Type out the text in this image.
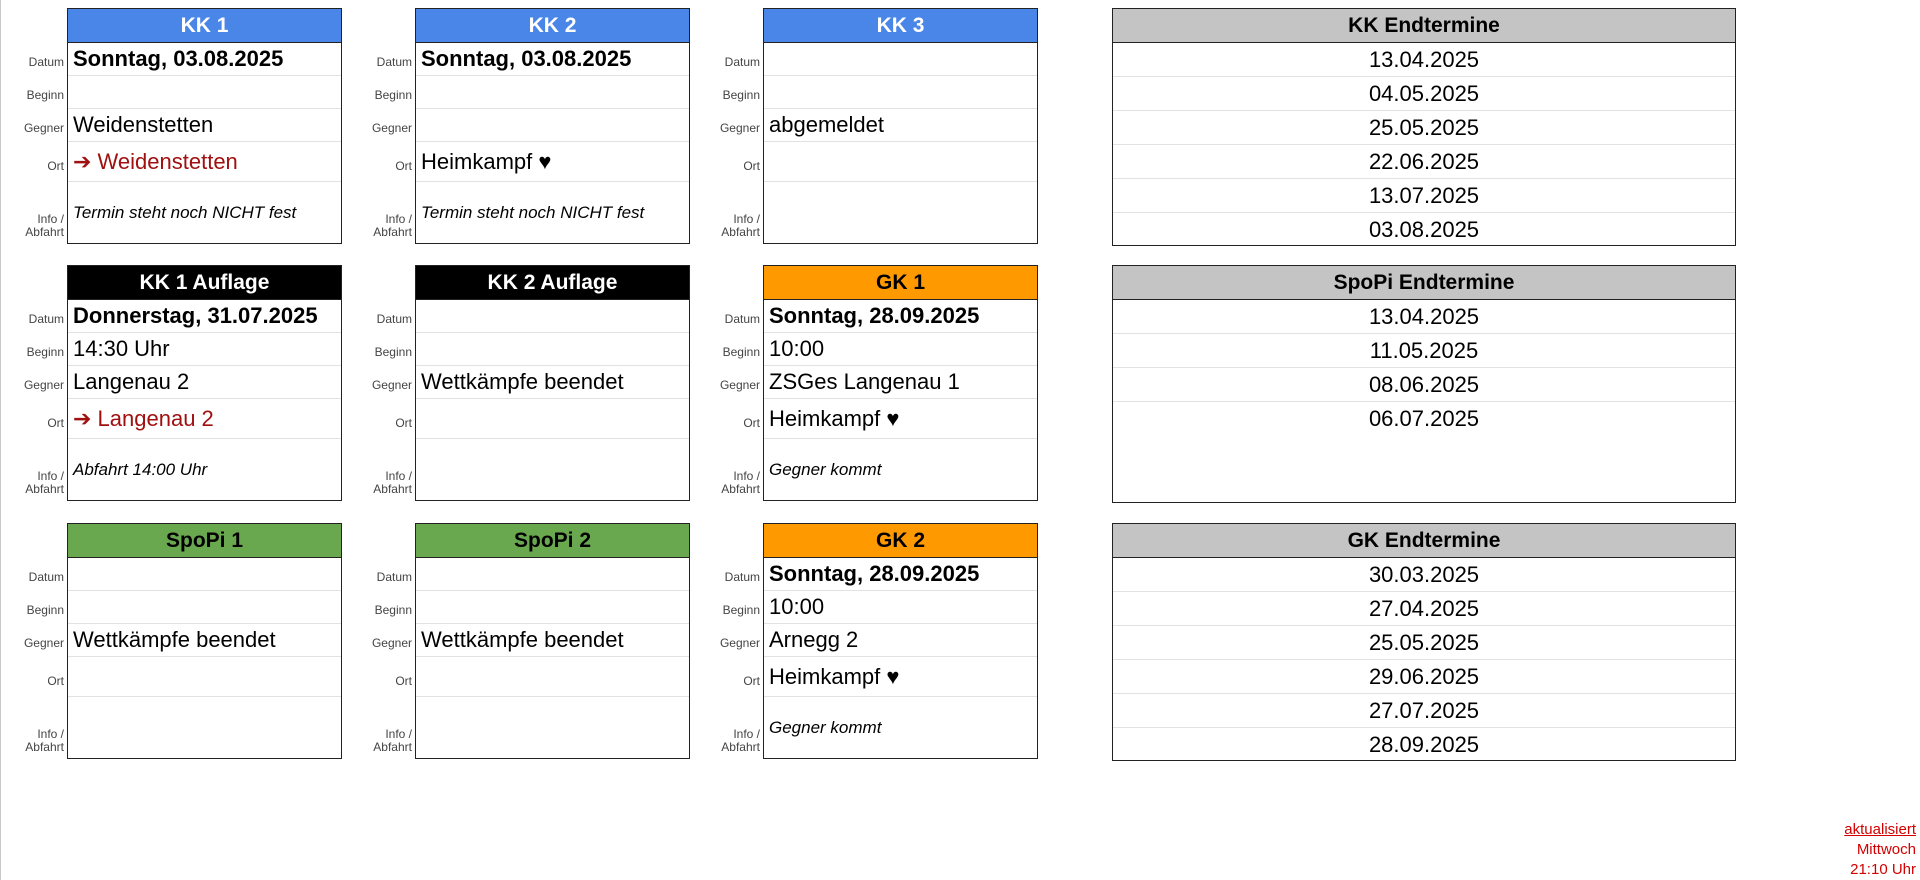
Datum
Beginn
Gegner
Ort
Info /
Abfahrt
KK 1
Sonntag, 03.08.2025
Weidenstetten
➔ Weidenstetten
Termin steht noch NICHT fest
Datum
Beginn
Gegner
Ort
Info /
Abfahrt
KK 2
Sonntag, 03.08.2025
Heimkampf ♥
Termin steht noch NICHT fest
Datum
Beginn
Gegner
Ort
Info /
Abfahrt
KK 3
abgemeldet
Datum
Beginn
Gegner
Ort
Info /
Abfahrt
KK 1 Auflage
Donnerstag, 31.07.2025
14:30 Uhr
Langenau 2
➔ Langenau 2
Abfahrt 14:00 Uhr
Datum
Beginn
Gegner
Ort
Info /
Abfahrt
KK 2 Auflage
Wettkämpfe beendet
Datum
Beginn
Gegner
Ort
Info /
Abfahrt
GK 1
Sonntag, 28.09.2025
10:00
ZSGes Langenau 1
Heimkampf ♥
Gegner kommt
Datum
Beginn
Gegner
Ort
Info /
Abfahrt
SpoPi 1
Wettkämpfe beendet
Datum
Beginn
Gegner
Ort
Info /
Abfahrt
SpoPi 2
Wettkämpfe beendet
Datum
Beginn
Gegner
Ort
Info /
Abfahrt
GK 2
Sonntag, 28.09.2025
10:00
Arnegg 2
Heimkampf ♥
Gegner kommt
KK Endtermine
13.04.2025
04.05.2025
25.05.2025
22.06.2025
13.07.2025
03.08.2025
SpoPi Endtermine
13.04.2025
11.05.2025
08.06.2025
06.07.2025
GK Endtermine
30.03.2025
27.04.2025
25.05.2025
29.06.2025
27.07.2025
28.09.2025
aktualisiert
Mittwoch
21:10 Uhr
